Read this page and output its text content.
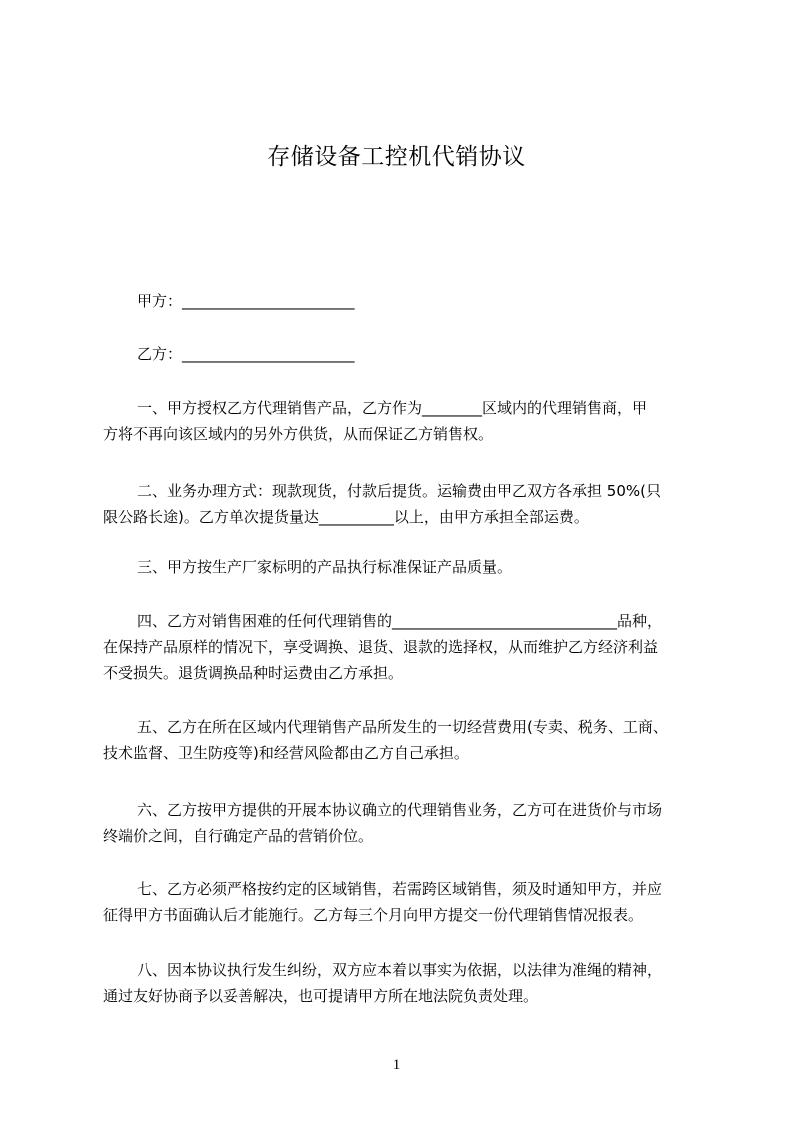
存储设备工控机代销协议
甲方：_______________________
乙方：_______________________
一、甲方授权乙方代理销售产品，乙方作为________区域内的代理销售商，甲
方将不再向该区域内的另外方供货，从而保证乙方销售权。
二、业务办理方式：现款现货，付款后提货。运输费由甲乙双方各承担 50%(只
限公路长途)。乙方单次提货量达__________以上，由甲方承担全部运费。
三、甲方按生产厂家标明的产品执行标准保证产品质量。
四、乙方对销售困难的任何代理销售的______________________________品种，
在保持产品原样的情况下，享受调换、退货、退款的选择权，从而维护乙方经济利益
不受损失。退货调换品种时运费由乙方承担。
五、乙方在所在区域内代理销售产品所发生的一切经营费用(专卖、税务、工商、
技术监督、卫生防疫等)和经营风险都由乙方自己承担。
六、乙方按甲方提供的开展本协议确立的代理销售业务，乙方可在进货价与市场
终端价之间，自行确定产品的营销价位。
七、乙方必须严格按约定的区域销售，若需跨区域销售，须及时通知甲方，并应
征得甲方书面确认后才能施行。乙方每三个月向甲方提交一份代理销售情况报表。
八、因本协议执行发生纠纷，双方应本着以事实为依据，以法律为准绳的精神，
通过友好协商予以妥善解决，也可提请甲方所在地法院负责处理。
1
